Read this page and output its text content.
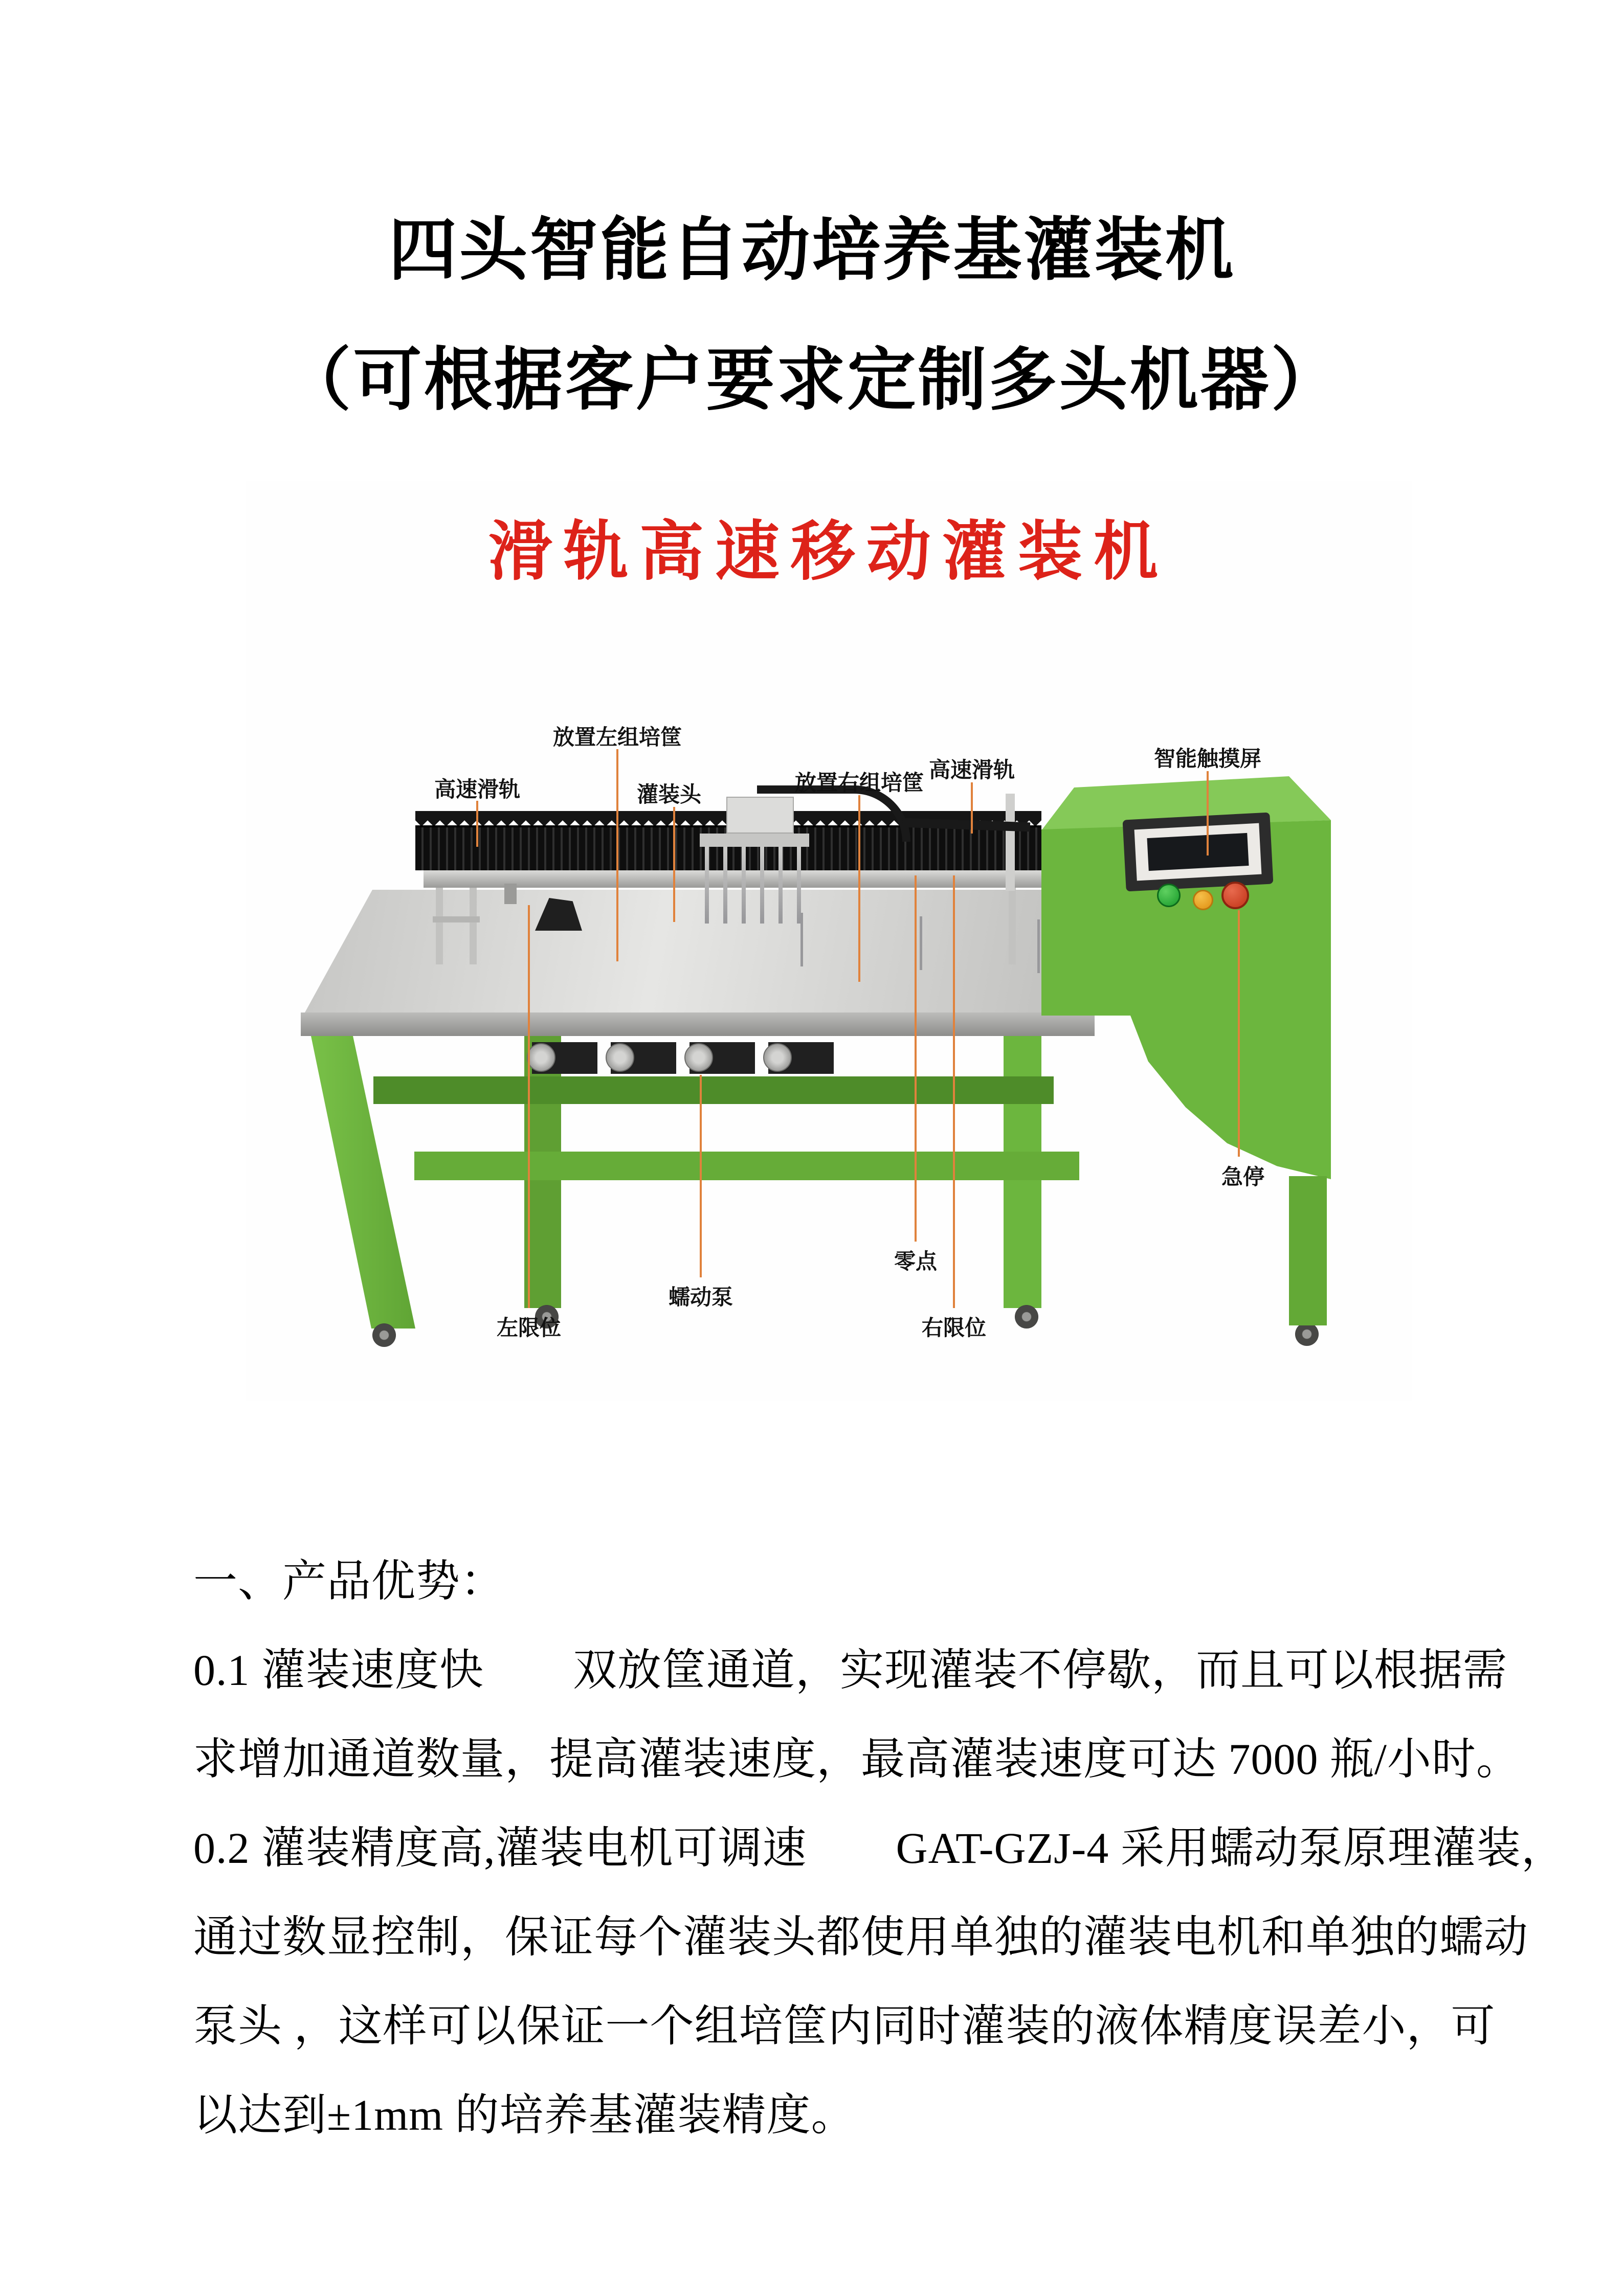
四头智能自动培养基灌装机
（可根据客户要求定制多头机器）
滑轨高速移动灌装机
高速滑轨
放置左组培筐
灌装头	放置右组培筐
高速滑轨	智能触摸屏
急停
蠕动泵
零点
左限位	右限位
一、产品优势：
0.1 灌装速度快　　双放筐通道，实现灌装不停歇，而且可以根据需
求增加通道数量，提高灌装速度，最高灌装速度可达 7000 瓶/小时。
0.2 灌装精度高,灌装电机可调速　　GAT-GZJ-4 采用蠕动泵原理灌装，
通过数显控制，保证每个灌装头都使用单独的灌装电机和单独的蠕动
泵头 ，这样可以保证一个组培筐内同时灌装的液体精度误差小，可
以达到±1mm 的培养基灌装精度。
